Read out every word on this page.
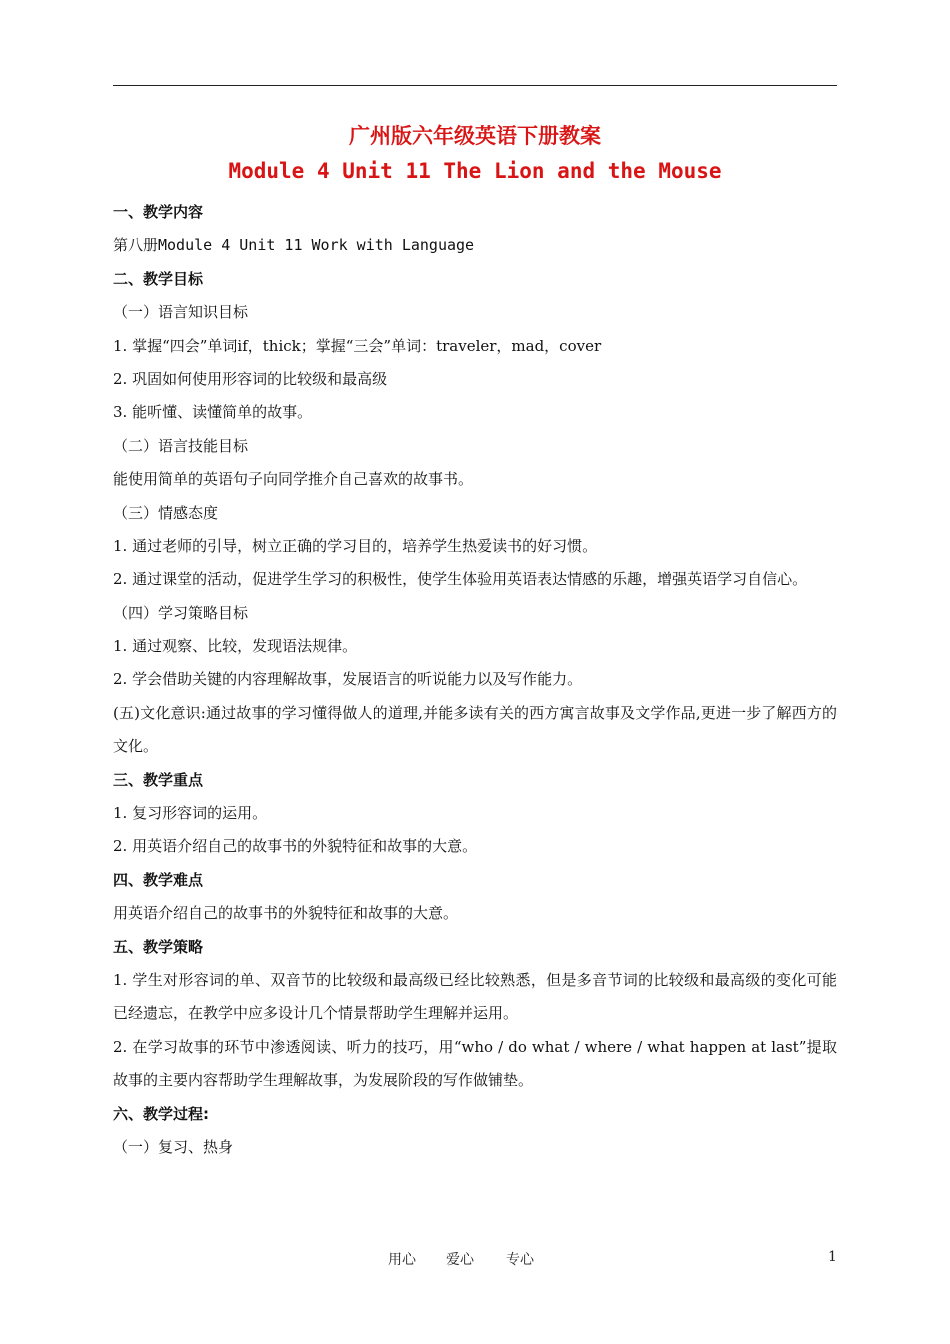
广州版六年级英语下册教案
Module 4 Unit 11 The Lion and the Mouse
一、教学内容
第八册Module 4 Unit 11 Work with Language
二、教学目标
（一）语言知识目标
1. 掌握“四会”单词if，thick；掌握“三会”单词：traveler，mad，cover
2. 巩固如何使用形容词的比较级和最高级
3. 能听懂、读懂简单的故事。
（二）语言技能目标
能使用简单的英语句子向同学推介自己喜欢的故事书。
（三）情感态度
1. 通过老师的引导，树立正确的学习目的，培养学生热爱读书的好习惯。
2. 通过课堂的活动，促进学生学习的积极性，使学生体验用英语表达情感的乐趣，增强英语学习自信心。
（四）学习策略目标
1. 通过观察、比较，发现语法规律。
2. 学会借助关键的内容理解故事，发展语言的听说能力以及写作能力。
(五)文化意识:通过故事的学习懂得做人的道理,并能多读有关的西方寓言故事及文学作品,更进一步了解西方的文化。
三、教学重点
1. 复习形容词的运用。
2. 用英语介绍自己的故事书的外貌特征和故事的大意。
四、教学难点
用英语介绍自己的故事书的外貌特征和故事的大意。
五、教学策略
1. 学生对形容词的单、双音节的比较级和最高级已经比较熟悉，但是多音节词的比较级和最高级的变化可能已经遗忘，在教学中应多设计几个情景帮助学生理解并运用。
2. 在学习故事的环节中渗透阅读、听力的技巧，用“who / do what / where / what happen at last”提取故事的主要内容帮助学生理解故事，为发展阶段的写作做铺垫。
六、教学过程:
（一）复习、热身
用心 爱心 专心	1
